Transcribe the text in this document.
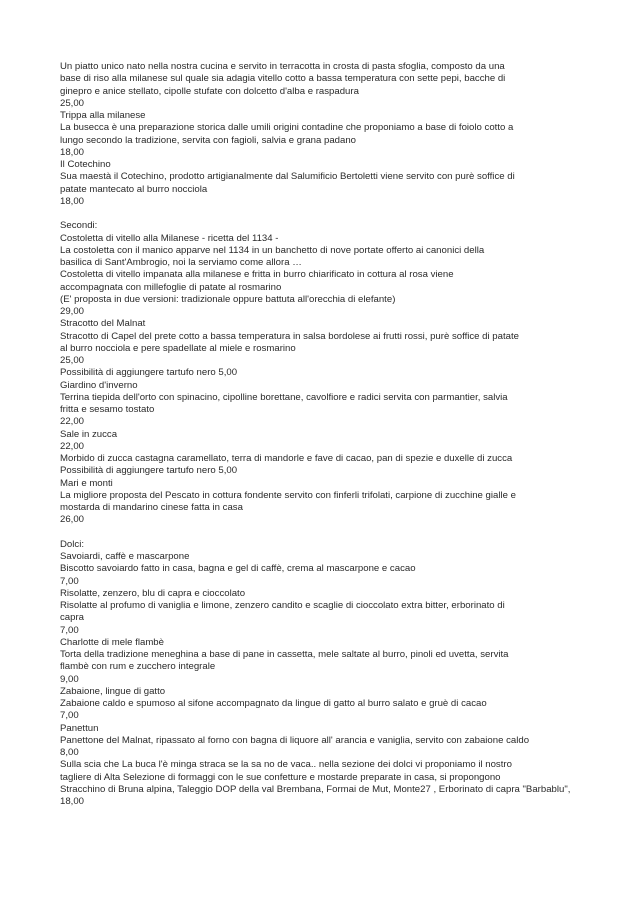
Un piatto unico nato nella nostra cucina e servito in terracotta in crosta di pasta sfoglia, composto da una
base di riso alla milanese sul quale sia adagia vitello cotto a bassa temperatura con sette pepi, bacche di
ginepro e anice stellato, cipolle stufate con dolcetto d'alba e raspadura
25,00
Trippa alla milanese
La busecca è una preparazione storica dalle umili origini contadine che proponiamo a base di foiolo cotto a
lungo secondo la tradizione, servita con fagioli, salvia e grana padano
18,00
Il Cotechino
Sua maestà il Cotechino, prodotto artigianalmente dal Salumificio Bertoletti viene servito con purè soffice di
patate mantecato al burro nocciola
18,00
Secondi:
Costoletta di vitello alla Milanese - ricetta del 1134 -
La costoletta con il manico apparve nel 1134 in un banchetto di nove portate offerto ai canonici della
basilica di Sant'Ambrogio, noi la serviamo come allora …
Costoletta di vitello impanata alla milanese e fritta in burro chiarificato in cottura al rosa viene
accompagnata con millefoglie di patate al rosmarino
(E' proposta in due versioni: tradizionale oppure battuta all'orecchia di elefante)
29,00
Stracotto del Malnat
Stracotto di Capel del prete cotto a bassa temperatura in salsa bordolese ai frutti rossi, purè soffice di patate
al burro nocciola e pere spadellate al miele e rosmarino
25,00
Possibilità di aggiungere tartufo nero 5,00
Giardino d'inverno
Terrina tiepida dell'orto con spinacino, cipolline borettane, cavolfiore e radici servita con parmantier, salvia
fritta e sesamo tostato
22,00
Sale in zucca
22,00
Morbido di zucca castagna caramellato, terra di mandorle e fave di cacao, pan di spezie e duxelle di zucca
Possibilità di aggiungere tartufo nero 5,00
Mari e monti
La migliore proposta del Pescato in cottura fondente servito con finferli trifolati, carpione di zucchine gialle e
mostarda di mandarino cinese fatta in casa
26,00
Dolci:
Savoiardi, caffè e mascarpone
Biscotto savoiardo fatto in casa, bagna e gel di caffè, crema al mascarpone e cacao
7,00
Risolatte, zenzero, blu di capra e cioccolato
Risolatte al profumo di vaniglia e limone, zenzero candito e scaglie di cioccolato extra bitter, erborinato di
capra
7,00
Charlotte di mele flambè
Torta della tradizione meneghina a base di pane in cassetta, mele saltate al burro, pinoli ed uvetta, servita
flambè con rum e zucchero integrale
9,00
Zabaione, lingue di gatto
Zabaione caldo e spumoso al sifone accompagnato da lingue di gatto al burro salato e gruè di cacao
7,00
Panettun
Panettone del Malnat, ripassato al forno con bagna di liquore all' arancia e vaniglia, servito con zabaione caldo
8,00
Sulla scia che La buca l'è minga straca se la sa no de vaca.. nella sezione dei dolci vi proponiamo il nostro
tagliere di Alta Selezione di formaggi con le sue confetture e mostarde preparate in casa, si propongono
Stracchino di Bruna alpina, Taleggio DOP della val Brembana, Formai de Mut, Monte27 , Erborinato di capra "Barbablu",
18,00
